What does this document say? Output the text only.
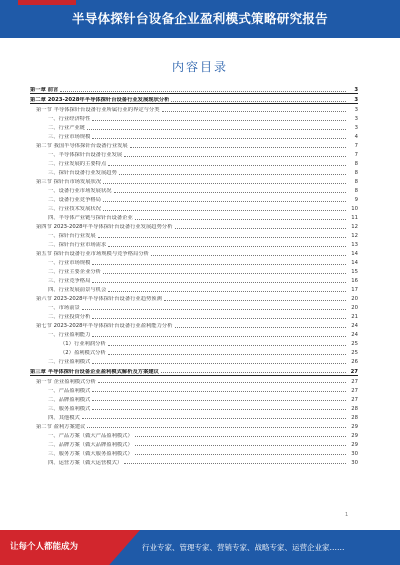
半导体探针台设备企业盈利模式策略研究报告
内容目录
第一章 前言	3
第二章 2023-2028年半导体探针台设备行业发展现状分析	3
第一节 半导体探针台设备行业所属行业的界定与分类	3
一、行业经济特性	3
二、行业产业链	3
三、行业市场规模	4
第二节 我国半导体探针台设备行业发展	7
一、半导体探针台设备行业发展	7
二、行业发展的主要特点	8
三、探针台设备行业发展趋势	8
第三节 探针台市场发展状况	8
一、设备行业市场发展状况	8
二、设备行业竞争格局	9
三、行业技术发展状况	10
四、半导体产业链与探针台设备企业	11
第四节 2023-2028年半导体探针台设备行业发展趋势分析	12
一、探针台行业发展	12
二、探针台行业市场需求	13
第五节 探针台设备行业市场规模与竞争格局分析	14
一、行业市场规模	14
二、行业主要企业分析	15
三、行业竞争格局	16
四、行业发展前景与机会	17
第六节 2023-2028年半导体探针台设备行业趋势预测	20
一、市场前景	20
二、行业投资分析	21
第七节 2023-2028年半导体探针台设备行业盈利能力分析	24
一、行业盈利能力	24
（1）行业利润分析	25
（2）盈利模式分析	25
二、行业盈利模式	26
第三章 半导体探针台设备企业盈利模式解析及方案建议	27
第一节 企业盈利模式分析	27
一、产品盈利模式	27
二、品牌盈利模式	27
三、服务盈利模式	28
四、其他模式	28
第二节 盈利方案建议	29
一、产品方案（做大产品盈利模式）	29
二、品牌方案（做大品牌盈利模式）	29
三、服务方案（做大服务盈利模式）	30
四、运营方案（做大运营模式）	30
1
让每个人都能成为	行业专家、管理专家、营销专家、战略专家、运营企业家……
